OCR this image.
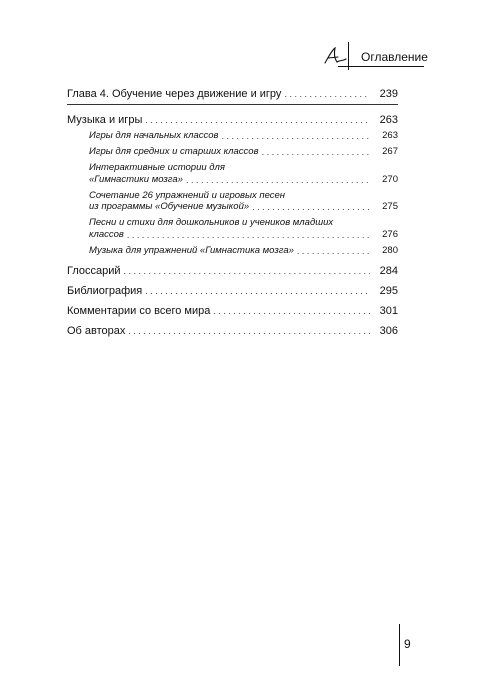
Оглавление
Глава 4. Обучение через движение и игру . . .	239
Музыка и игры . . .	263
Игры для начальных классов . . .	263
Игры для средних и старших классов . . .	267
Интерактивные истории для
«Гимнастики мозга» . . .	270
Сочетание 26 упражнений и игровых песен
из программы «Обучение музыкой» . . .	275
Песни и стихи для дошкольников и учеников младших
классов . . .	276
Музыка для упражнений «Гимнастика мозга» . . .	280
Глоссарий . . .	284
Библиография . . .	295
Комментарии со всего мира . . .	301
Об авторах . . .	306
9
